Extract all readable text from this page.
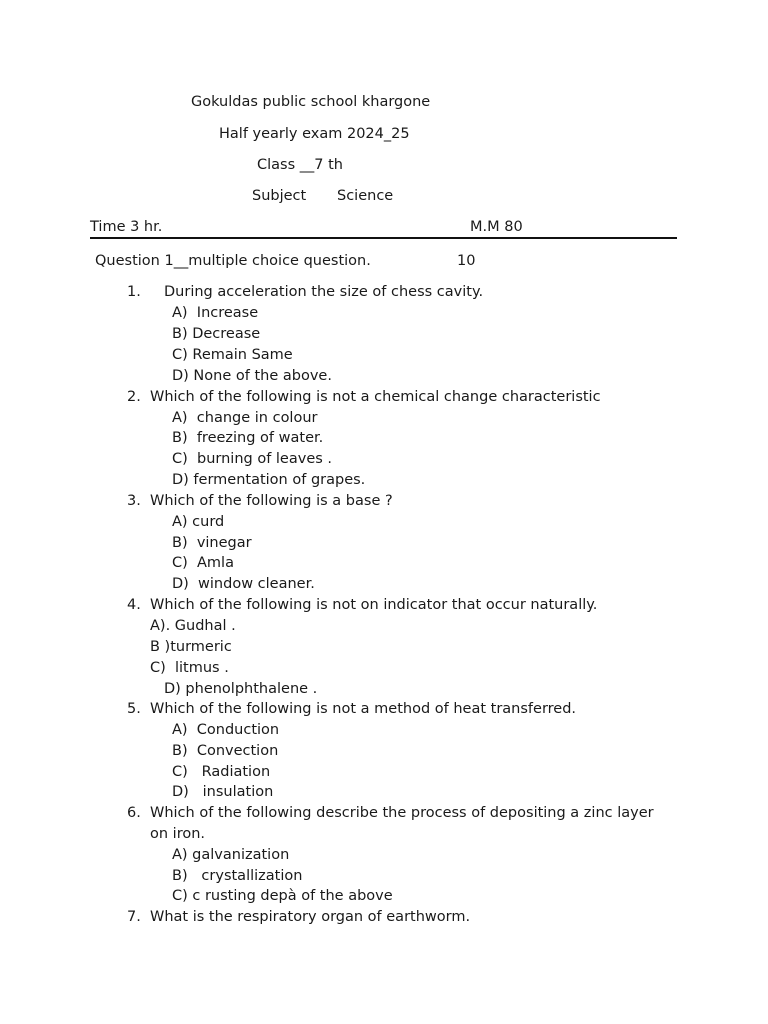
Gokuldas public school khargone
Half yearly exam 2024_25
Class __7 th
Subject Science
Time 3 hr.	M.M 80
Question 1__multiple choice question.	10
1. During acceleration the size of chess cavity.
A)  Increase
B) Decrease
C) Remain Same
D) None of the above.
2. Which of the following is not a chemical change characteristic
A)  change in colour
B)  freezing of water.
C)  burning of leaves .
D) fermentation of grapes.
3. Which of the following is a base ?
A) curd
B)  vinegar
C)  Amla
D)  window cleaner.
4. Which of the following is not on indicator that occur naturally.
A). Gudhal .
B )turmeric
C)  litmus .
D) phenolphthalene .
5. Which of the following is not a method of heat transferred.
A)  Conduction
B)  Convection
C)   Radiation
D)   insulation
6. Which of the following describe the process of depositing a zinc layer
on iron.
A) galvanization
B)   crystallization
C) c rusting depà of the above
7. What is the respiratory organ of earthworm.
